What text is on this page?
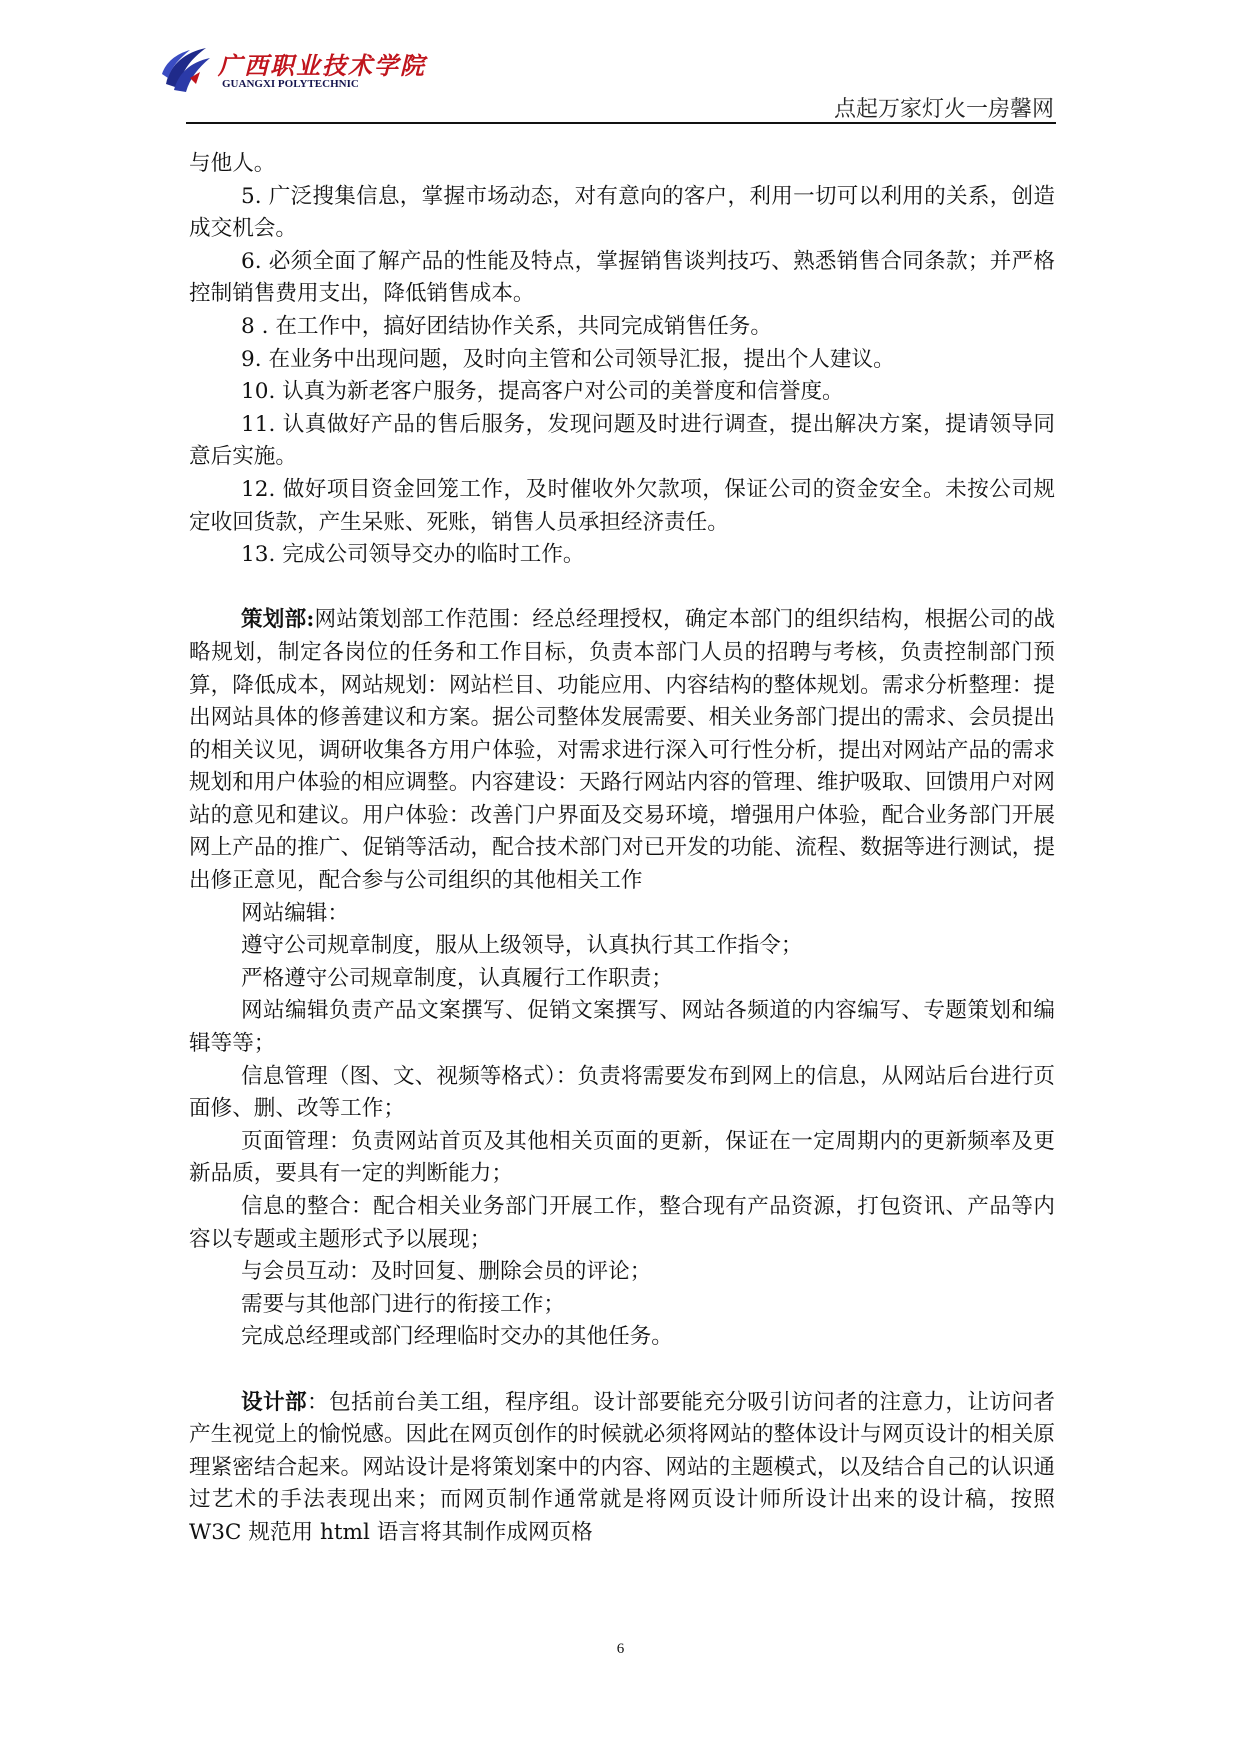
广西职业技术学院
GUANGXI POLYTECHNIC
点起万家灯火一房馨网

与他人。

5. 广泛搜集信息，掌握市场动态，对有意向的客户，利用一切可以利用的关系，创造成交机会。

6. 必须全面了解产品的性能及特点，掌握销售谈判技巧、熟悉销售合同条款；并严格控制销售费用支出，降低销售成本。

8 . 在工作中，搞好团结协作关系，共同完成销售任务。

9. 在业务中出现问题，及时向主管和公司领导汇报，提出个人建议。

10. 认真为新老客户服务，提高客户对公司的美誉度和信誉度。

11. 认真做好产品的售后服务，发现问题及时进行调查，提出解决方案，提请领导同意后实施。

12. 做好项目资金回笼工作，及时催收外欠款项，保证公司的资金安全。未按公司规定收回货款，产生呆账、死账，销售人员承担经济责任。

13. 完成公司领导交办的临时工作。

策划部:网站策划部工作范围：经总经理授权，确定本部门的组织结构，根据公司的战略规划，制定各岗位的任务和工作目标，负责本部门人员的招聘与考核，负责控制部门预算，降低成本，网站规划：网站栏目、功能应用、内容结构的整体规划。需求分析整理：提出网站具体的修善建议和方案。据公司整体发展需要、相关业务部门提出的需求、会员提出的相关议见，调研收集各方用户体验，对需求进行深入可行性分析，提出对网站产品的需求规划和用户体验的相应调整。内容建设：天路行网站内容的管理、维护吸取、回馈用户对网站的意见和建议。用户体验：改善门户界面及交易环境，增强用户体验，配合业务部门开展网上产品的推广、促销等活动，配合技术部门对已开发的功能、流程、数据等进行测试，提出修正意见，配合参与公司组织的其他相关工作

网站编辑：

遵守公司规章制度，服从上级领导，认真执行其工作指令；

严格遵守公司规章制度，认真履行工作职责；

网站编辑负责产品文案撰写、促销文案撰写、网站各频道的内容编写、专题策划和编辑等等；

信息管理（图、文、视频等格式）：负责将需要发布到网上的信息，从网站后台进行页面修、删、改等工作；

页面管理：负责网站首页及其他相关页面的更新，保证在一定周期内的更新频率及更新品质，要具有一定的判断能力；

信息的整合：配合相关业务部门开展工作，整合现有产品资源，打包资讯、产品等内容以专题或主题形式予以展现；

与会员互动：及时回复、删除会员的评论；

需要与其他部门进行的衔接工作；

完成总经理或部门经理临时交办的其他任务。

设计部：包括前台美工组，程序组。设计部要能充分吸引访问者的注意力，让访问者产生视觉上的愉悦感。因此在网页创作的时候就必须将网站的整体设计与网页设计的相关原理紧密结合起来。网站设计是将策划案中的内容、网站的主题模式，以及结合自己的认识通过艺术的手法表现出来；而网页制作通常就是将网页设计师所设计出来的设计稿，按照 W3C 规范用 html 语言将其制作成网页格

6
